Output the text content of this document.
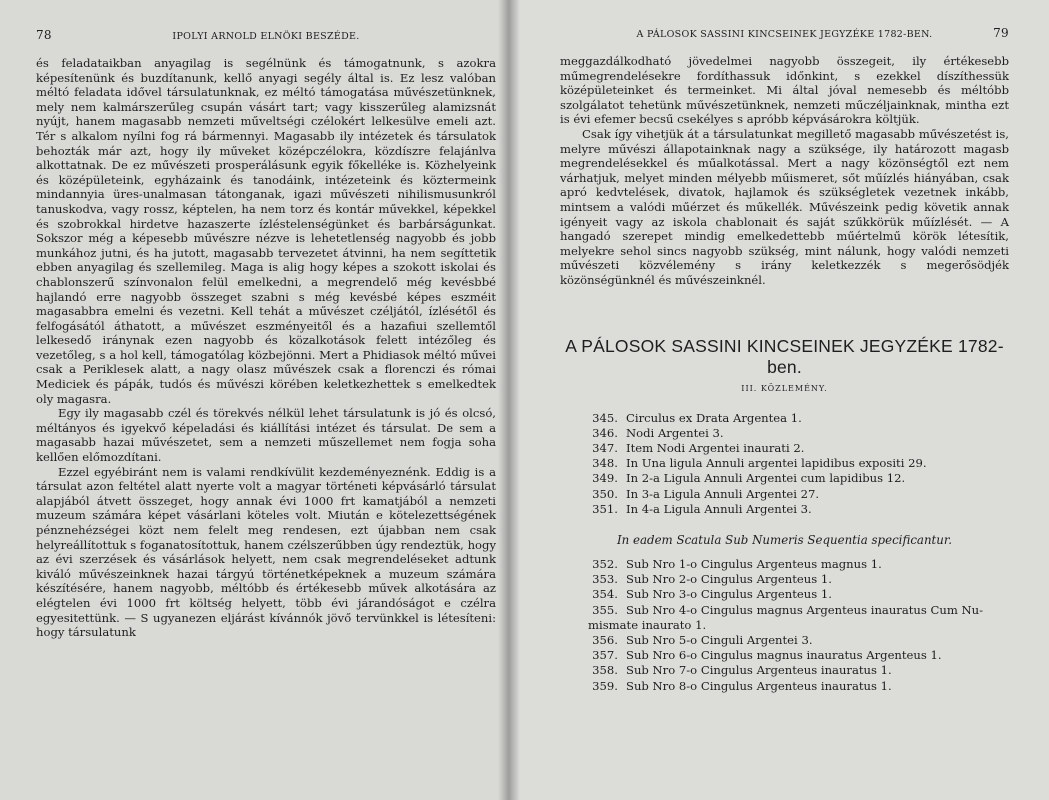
78	IPOLYI ARNOLD ELNÖKI BESZÉDE.

és feladataikban anyagilag is segélnünk és támogatnunk, s azokra képesítenünk és buzdítanunk, kellő anyagi segély által is. Ez lesz valóban méltó feladata idővel társulatunknak, ez méltó támogatása művészetünknek, mely nem kalmárszerűleg csupán vásárt tart; vagy kisszerűleg alamizsnát nyújt, hanem magasabb nemzeti műveltségi czélokért lelkesülve emeli azt. Tér s alkalom nyílni fog rá bármennyi. Magasabb ily intézetek és társulatok behozták már azt, hogy ily műveket középczélokra, közdíszre felajánlva alkottatnak. De ez művészeti prosperálásunk egyik főkelléke is. Közhelyeink és középületeink, egyházaink és tanodáink, intézeteink és köztermeink mindannyia üres-unalmasan tátonganak, igazi művészeti nihilismusunkról tanuskodva, vagy rossz, képtelen, ha nem torz és kontár művekkel, képekkel és szobrokkal hirdetve hazaszerte ízléstelenségünket és barbárságunkat. Sokszor még a képesebb művészre nézve is lehetetlenség nagyobb és jobb munkához jutni, és ha jutott, magasabb tervezetet átvinni, ha nem segíttetik ebben anyagilag és szellemileg. Maga is alig hogy képes a szokott iskolai és chablonszerű színvonalon felül emelkedni, a megrendelő még kevésbbé hajlandó erre nagyobb összeget szabni s még kevésbé képes eszméit magasabbra emelni és vezetni. Kell tehát a művészet czéljától, ízlésétől és felfogásától áthatott, a művészet eszményeitől és a hazafiui szellemtől lelkesedő iránynak ezen nagyobb és közalkotások felett intézőleg és vezetőleg, s a hol kell, támogatólag közbejönni. Mert a Phidiasok méltó művei csak a Periklesek alatt, a nagy olasz művészek csak a florenczi és római Mediciek és pápák, tudós és művészi körében keletkezhettek s emelkedtek oly magasra.

Egy ily magasabb czél és törekvés nélkül lehet társulatunk is jó és olcsó, méltányos és igyekvő képeladási és kiállítási intézet és társulat. De sem a magasabb hazai művészetet, sem a nemzeti műszellemet nem fogja soha kellően előmozdítani.

Ezzel egyébiránt nem is valami rendkívülit kezdeményeznénk. Eddig is a társulat azon feltétel alatt nyerte volt a magyar történeti képvásárló társulat alapjából átvett összeget, hogy annak évi 1000 frt kamatjából a nemzeti muzeum számára képet vásárlani köteles volt. Miután e kötelezettségének pénznehézségei közt nem felelt meg rendesen, ezt újabban nem csak helyreállítottuk s foganatosítottuk, hanem czélszerűbben úgy rendeztük, hogy az évi szerzések és vásárlások helyett, nem csak megrendeléseket adtunk kiváló művészeinknek hazai tárgyú történetképeknek a muzeum számára készítésére, hanem nagyobb, méltóbb és értékesebb művek alkotására az elégtelen évi 1000 frt költség helyett, több évi járandóságot e czélra egyesitettünk. — S ugyanezen eljárást kívánnók jövő tervünkkel is létesíteni: hogy társulatunk

A PÁLOSOK SASSINI KINCSEINEK JEGYZÉKE 1782-BEN.	79

meggazdálkodható jövedelmei nagyobb összegeit, ily értékesebb műmegrendelésekre fordíthassuk időnkint, s ezekkel díszíthessük középületeinket és termeinket. Mi által jóval nemesebb és méltóbb szolgálatot tehetünk művészetünknek, nemzeti műczéljainknak, mintha ezt is évi efemer becsű csekélyes s apróbb képvásárokra költjük.

Csak így vihetjük át a társulatunkat megillető magasabb művészetést is, melyre művészi állapotainknak nagy a szüksége, ily határozott magasb megrendelésekkel és műalkotással. Mert a nagy közönségtől ezt nem várhatjuk, melyet minden mélyebb műismeret, sőt műízlés hiányában, csak apró kedvtelések, divatok, hajlamok és szükségletek vezetnek inkább, mintsem a valódi műérzet és műkellék. Művészeink pedig követik annak igényeit vagy az iskola chablonait és saját szűkkörük műízlését. — A hangadó szerepet mindig emelkedettebb műértelmű körök létesítik, melyekre sehol sincs nagyobb szükség, mint nálunk, hogy valódi nemzeti művészeti közvélemény s irány keletkezzék s megerősödjék közönségünknél és művészeinknél.

A PÁLOSOK SASSINI KINCSEINEK JEGYZÉKE 1782-ben.
III. KÖZLEMÉNY.
345. Circulus ex Drata Argentea 1.
346. Nodi Argentei 3.
347. Item Nodi Argentei inaurati 2.
348. In Una ligula Annuli argentei lapidibus expositi 29.
349. In 2-a Ligula Annuli Argentei cum lapidibus 12.
350. In 3-a Ligula Annuli Argentei 27.
351. In 4-a Ligula Annuli Argentei 3.
In eadem Scatula Sub Numeris Sequentia specificantur.
352. Sub Nro 1-o Cingulus Argenteus magnus 1.
353. Sub Nro 2-o Cingulus Argenteus 1.
354. Sub Nro 3-o Cingulus Argenteus 1.
355. Sub Nro 4-o Cingulus magnus Argenteus inauratus Cum Nu-
mismate inaurato 1.
356. Sub Nro 5-o Cinguli Argentei 3.
357. Sub Nro 6-o Cingulus magnus inauratus Argenteus 1.
358. Sub Nro 7-o Cingulus Argenteus inauratus 1.
359. Sub Nro 8-o Cingulus Argenteus inauratus 1.
